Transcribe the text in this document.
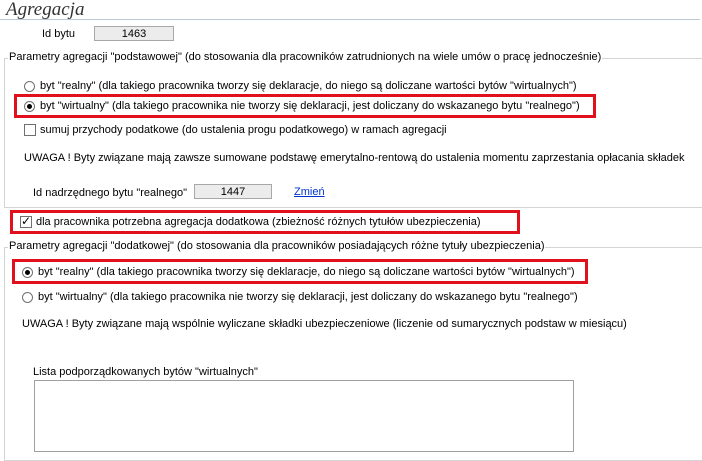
Agregacja
Id bytu	1463
Parametry agregacji "podstawowej" (do stosowania dla pracowników zatrudnionych na wiele umów o pracę jednocześnie)
byt "realny" (dla takiego pracownika tworzy się deklaracje, do niego są doliczane wartości bytów "wirtualnych")
byt "wirtualny" (dla takiego pracownika nie tworzy się deklaracji, jest doliczany do wskazanego bytu "realnego")
sumuj przychody podatkowe (do ustalenia progu podatkowego) w ramach agregacji
UWAGA ! Byty związane mają zawsze sumowane podstawę emerytalno-rentową do ustalenia momentu zaprzestania opłacania składek
Id nadrzędnego bytu "realnego"	1447	Zmień
✓
dla pracownika potrzebna agregacja dodatkowa (zbieżność różnych tytułów ubezpieczenia)
Parametry agregacji "dodatkowej" (do stosowania dla pracowników posiadających różne tytuły ubezpieczenia)
byt "realny" (dla takiego pracownika tworzy się deklaracje, do niego są doliczane wartości bytów "wirtualnych")
byt "wirtualny" (dla takiego pracownika nie tworzy się deklaracji, jest doliczany do wskazanego bytu "realnego")
UWAGA ! Byty związane mają wspólnie wyliczane składki ubezpieczeniowe (liczenie od sumarycznych podstaw w miesiącu)
Lista podporządkowanych bytów "wirtualnych"
